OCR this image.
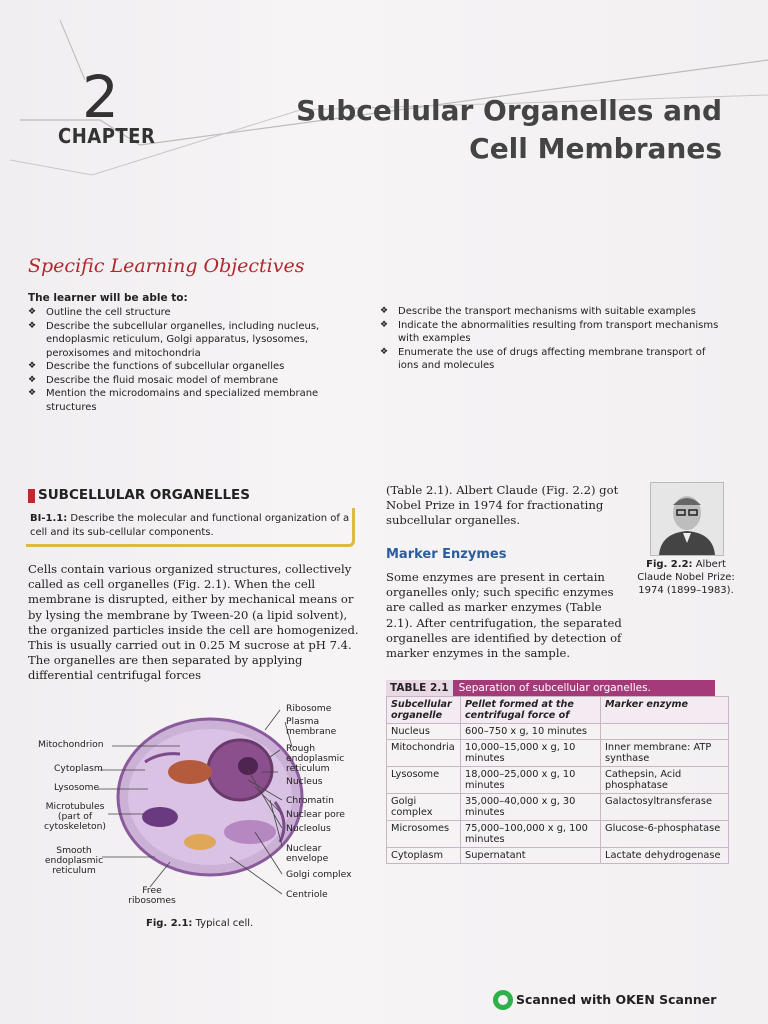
2
CHAPTER
Subcellular Organelles and
Cell Membranes
Specific Learning Objectives
The learner will be able to:
❖ Outline the cell structure
❖ Describe the subcellular organelles, including nucleus, endoplasmic reticulum, Golgi apparatus, lysosomes, peroxisomes and mitochondria
❖ Describe the functions of subcellular organelles
❖ Describe the fluid mosaic model of membrane
❖ Mention the microdomains and specialized membrane structures
❖ Describe the transport mechanisms with suitable examples
❖ Indicate the abnormalities resulting from transport mechanisms with examples
❖ Enumerate the use of drugs affecting membrane transport of ions and molecules
SUBCELLULAR ORGANELLES
BI-1.1: Describe the molecular and functional organization of a cell and its sub-cellular components.
Cells contain various organized structures, collectively called as cell organelles (Fig. 2.1). When the cell membrane is disrupted, either by mechanical means or by lysing the membrane by Tween-20 (a lipid solvent), the organized particles inside the cell are homogenized. This is usually carried out in 0.25 M sucrose at pH 7.4. The organelles are then separated by applying differential centrifugal forces
(Table 2.1). Albert Claude (Fig. 2.2) got Nobel Prize in 1974 for fractionating subcellular organelles.
Fig. 2.2: Albert Claude Nobel Prize: 1974 (1899–1983).
Marker Enzymes
Some enzymes are present in certain organelles only; such specific enzymes are called as marker enzymes (Table 2.1). After centrifugation, the separated organelles are identified by detection of marker enzymes in the sample.
Mitochondrion
Cytoplasm
Lysosome
Microtubules (part of cytoskeleton)
Smooth endoplasmic reticulum
Free ribosomes
Ribosome
Plasma membrane
Rough endoplasmic reticulum
Nucleus
Chromatin
Nuclear pore
Nucleolus
Nuclear envelope
Golgi complex
Centriole
Fig. 2.1: Typical cell.
TABLE 2.1 Separation of subcellular organelles.
Subcellular organelle	Pellet formed at the centrifugal force of	Marker enzyme
Nucleus	600–750 x g, 10 minutes	
Mitochondria	10,000–15,000 x g, 10 minutes	Inner membrane: ATP synthase
Lysosome	18,000–25,000 x g, 10 minutes	Cathepsin, Acid phosphatase
Golgi complex	35,000–40,000 x g, 30 minutes	Galactosyltransferase
Microsomes	75,000–100,000 x g, 100 minutes	Glucose-6-phosphatase
Cytoplasm	Supernatant	Lactate dehydrogenase
Scanned with OKEN Scanner
